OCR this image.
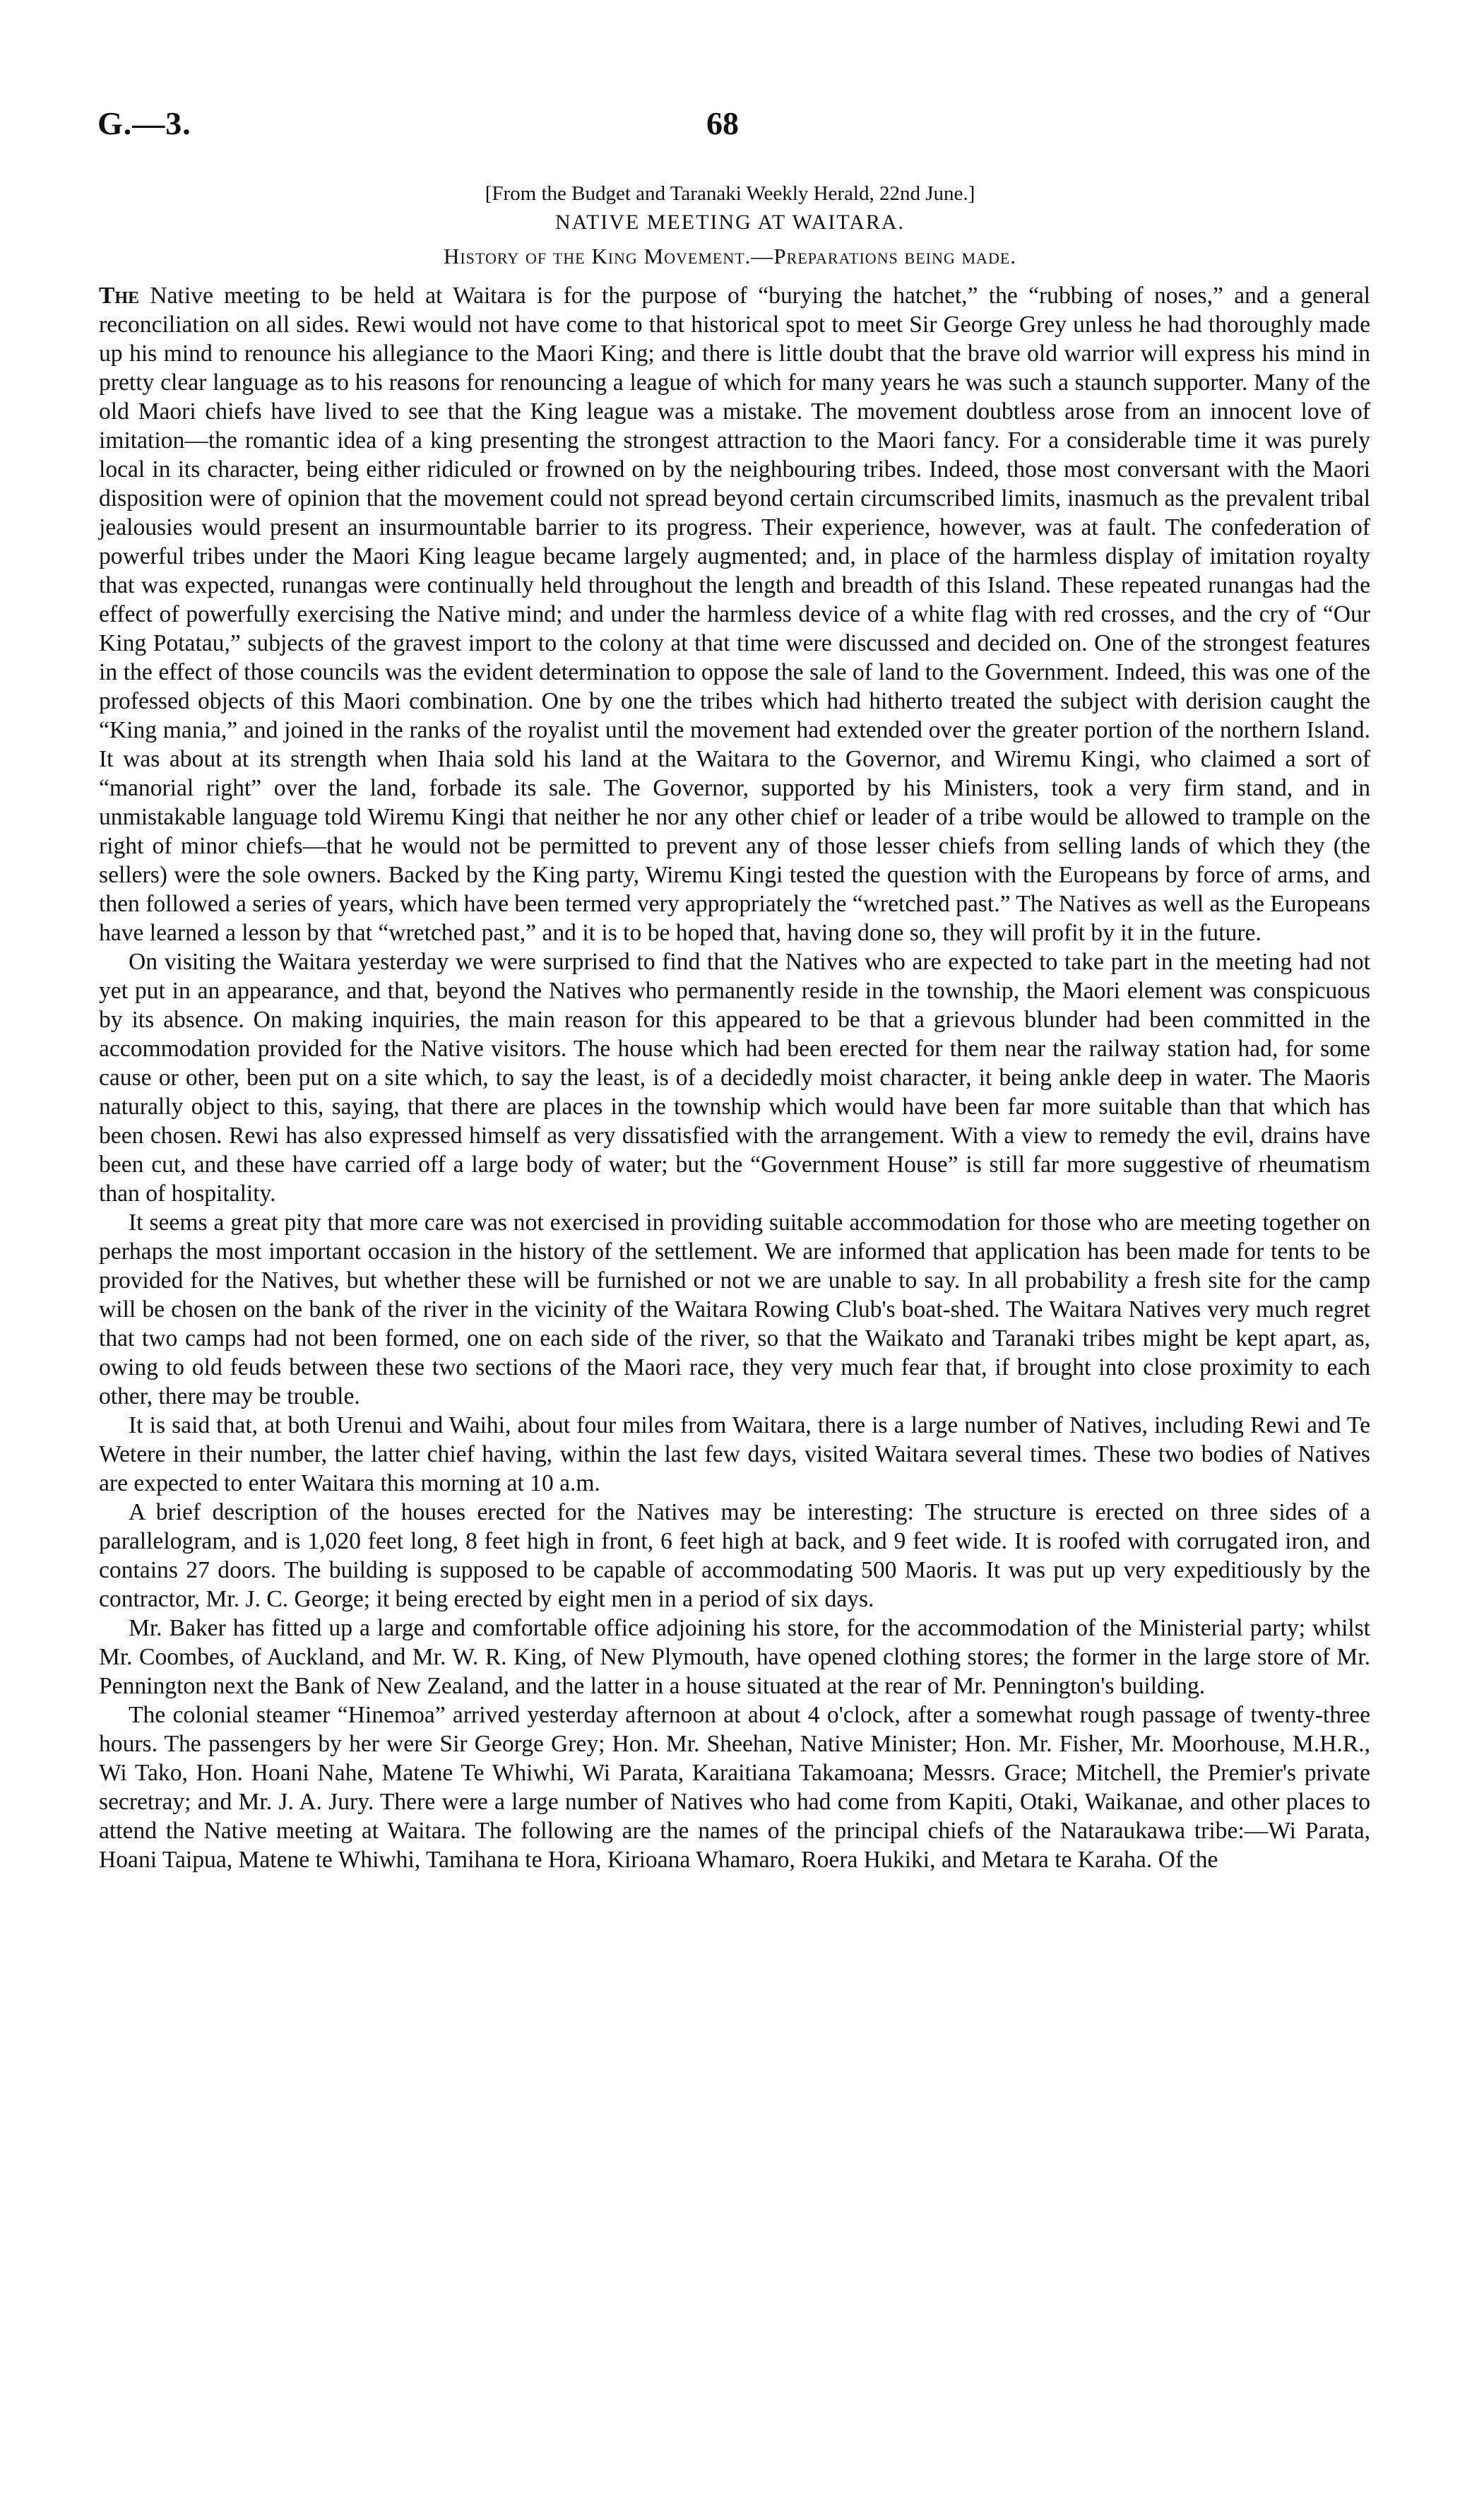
G.—3.	68
[From the Budget and Taranaki Weekly Herald, 22nd June.]
NATIVE MEETING AT WAITARA.
History of the King Movement.—Preparations being made.

The Native meeting to be held at Waitara is for the purpose of “burying the hatchet,” the “rubbing of noses,” and a general reconciliation on all sides. Rewi would not have come to that historical spot to meet Sir George Grey unless he had thoroughly made up his mind to renounce his allegiance to the Maori King; and there is little doubt that the brave old warrior will express his mind in pretty clear language as to his reasons for renouncing a league of which for many years he was such a staunch supporter. Many of the old Maori chiefs have lived to see that the King league was a mistake. The movement doubtless arose from an innocent love of imitation—the romantic idea of a king presenting the strongest attraction to the Maori fancy. For a considerable time it was purely local in its character, being either ridiculed or frowned on by the neighbouring tribes. Indeed, those most conversant with the Maori disposition were of opinion that the movement could not spread beyond certain circumscribed limits, inasmuch as the prevalent tribal jealousies would present an insurmountable barrier to its progress. Their experience, however, was at fault. The confederation of powerful tribes under the Maori King league became largely augmented; and, in place of the harmless display of imitation royalty that was expected, runangas were continually held throughout the length and breadth of this Island. These repeated runangas had the effect of powerfully exercising the Native mind; and under the harmless device of a white flag with red crosses, and the cry of “Our King Potatau,” subjects of the gravest import to the colony at that time were discussed and decided on. One of the strongest features in the effect of those councils was the evident determination to oppose the sale of land to the Government. Indeed, this was one of the professed objects of this Maori combination. One by one the tribes which had hitherto treated the subject with derision caught the “King mania,” and joined in the ranks of the royalist until the movement had extended over the greater portion of the northern Island. It was about at its strength when Ihaia sold his land at the Waitara to the Governor, and Wiremu Kingi, who claimed a sort of “manorial right” over the land, forbade its sale. The Governor, supported by his Ministers, took a very firm stand, and in unmistakable language told Wiremu Kingi that neither he nor any other chief or leader of a tribe would be allowed to trample on the right of minor chiefs—that he would not be permitted to prevent any of those lesser chiefs from selling lands of which they (the sellers) were the sole owners. Backed by the King party, Wiremu Kingi tested the question with the Europeans by force of arms, and then followed a series of years, which have been termed very appropriately the “wretched past.” The Natives as well as the Europeans have learned a lesson by that “wretched past,” and it is to be hoped that, having done so, they will profit by it in the future.

On visiting the Waitara yesterday we were surprised to find that the Natives who are expected to take part in the meeting had not yet put in an appearance, and that, beyond the Natives who permanently reside in the township, the Maori element was conspicuous by its absence. On making inquiries, the main reason for this appeared to be that a grievous blunder had been committed in the accommodation provided for the Native visitors. The house which had been erected for them near the railway station had, for some cause or other, been put on a site which, to say the least, is of a decidedly moist character, it being ankle deep in water. The Maoris naturally object to this, saying, that there are places in the township which would have been far more suitable than that which has been chosen. Rewi has also expressed himself as very dissatisfied with the arrangement. With a view to remedy the evil, drains have been cut, and these have carried off a large body of water; but the “Government House” is still far more suggestive of rheumatism than of hospitality.

It seems a great pity that more care was not exercised in providing suitable accommodation for those who are meeting together on perhaps the most important occasion in the history of the settlement. We are informed that application has been made for tents to be provided for the Natives, but whether these will be furnished or not we are unable to say. In all probability a fresh site for the camp will be chosen on the bank of the river in the vicinity of the Waitara Rowing Club's boat-shed. The Waitara Natives very much regret that two camps had not been formed, one on each side of the river, so that the Waikato and Taranaki tribes might be kept apart, as, owing to old feuds between these two sections of the Maori race, they very much fear that, if brought into close proximity to each other, there may be trouble.

It is said that, at both Urenui and Waihi, about four miles from Waitara, there is a large number of Natives, including Rewi and Te Wetere in their number, the latter chief having, within the last few days, visited Waitara several times. These two bodies of Natives are expected to enter Waitara this morning at 10 a.m.

A brief description of the houses erected for the Natives may be interesting: The structure is erected on three sides of a parallelogram, and is 1,020 feet long, 8 feet high in front, 6 feet high at back, and 9 feet wide. It is roofed with corrugated iron, and contains 27 doors. The building is supposed to be capable of accommodating 500 Maoris. It was put up very expeditiously by the contractor, Mr. J. C. George; it being erected by eight men in a period of six days.

Mr. Baker has fitted up a large and comfortable office adjoining his store, for the accommodation of the Ministerial party; whilst Mr. Coombes, of Auckland, and Mr. W. R. King, of New Plymouth, have opened clothing stores; the former in the large store of Mr. Pennington next the Bank of New Zealand, and the latter in a house situated at the rear of Mr. Pennington's building.

The colonial steamer “Hinemoa” arrived yesterday afternoon at about 4 o'clock, after a somewhat rough passage of twenty-three hours. The passengers by her were Sir George Grey; Hon. Mr. Sheehan, Native Minister; Hon. Mr. Fisher, Mr. Moorhouse, M.H.R., Wi Tako, Hon. Hoani Nahe, Matene Te Whiwhi, Wi Parata, Karaitiana Takamoana; Messrs. Grace; Mitchell, the Premier's private secretray; and Mr. J. A. Jury. There were a large number of Natives who had come from Kapiti, Otaki, Waikanae, and other places to attend the Native meeting at Waitara. The following are the names of the principal chiefs of the Nataraukawa tribe:—Wi Parata, Hoani Taipua, Matene te Whiwhi, Tamihana te Hora, Kirioana Whamaro, Roera Hukiki, and Metara te Karaha. Of the
